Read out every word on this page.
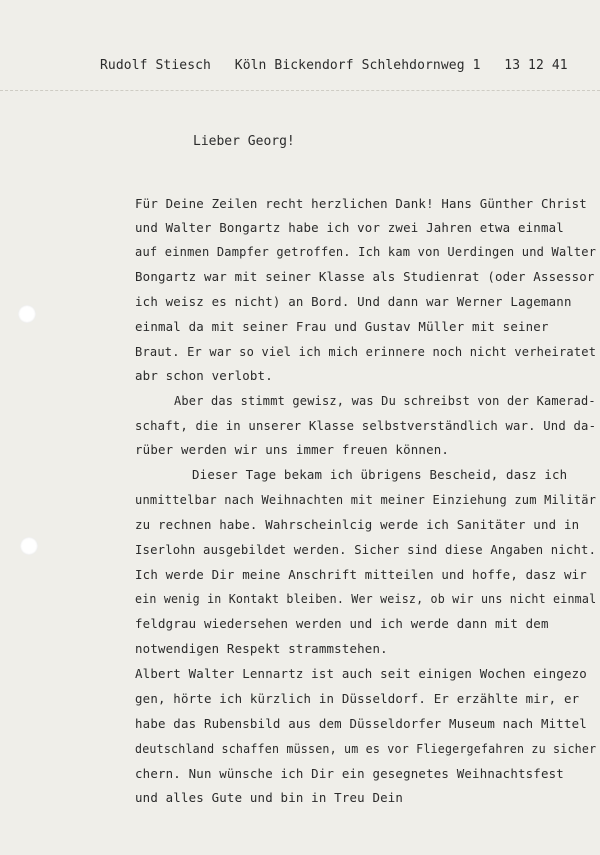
Rudolf Stiesch Köln Bickendorf Schlehdornweg 1 13 12 41
Lieber Georg!
Für Deine Zeilen recht herzlichen Dank! Hans Günther Christ
und Walter Bongartz habe ich vor zwei Jahren etwa einmal
auf einmen Dampfer getroffen. Ich kam von Uerdingen und Walter
Bongartz war mit seiner Klasse als Studienrat (oder Assessor
ich weisz es nicht) an Bord. Und dann war Werner Lagemann
einmal da mit seiner Frau und Gustav Müller mit seiner
Braut. Er war so viel ich mich erinnere noch nicht verheiratet
abr schon verlobt.
Aber das stimmt gewisz, was Du schreibst von der Kamerad-
schaft, die in unserer Klasse selbstverständlich war. Und da-
rüber werden wir uns immer freuen können.
Dieser Tage bekam ich übrigens Bescheid, dasz ich
unmittelbar nach Weihnachten mit meiner Einziehung zum Militär
zu rechnen habe. Wahrscheinlcig werde ich Sanitäter und in
Iserlohn ausgebildet werden. Sicher sind diese Angaben nicht.
Ich werde Dir meine Anschrift mitteilen und hoffe, dasz wir
ein wenig in Kontakt bleiben. Wer weisz, ob wir uns nicht einmal
feldgrau wiedersehen werden und ich werde dann mit dem
notwendigen Respekt strammstehen.
Albert Walter Lennartz ist auch seit einigen Wochen eingezo
gen, hörte ich kürzlich in Düsseldorf. Er erzählte mir, er
habe das Rubensbild aus dem Düsseldorfer Museum nach Mittel
deutschland schaffen müssen, um es vor Fliegergefahren zu sicher
chern. Nun wünsche ich Dir ein gesegnetes Weihnachtsfest
und alles Gute und bin in Treu Dein
